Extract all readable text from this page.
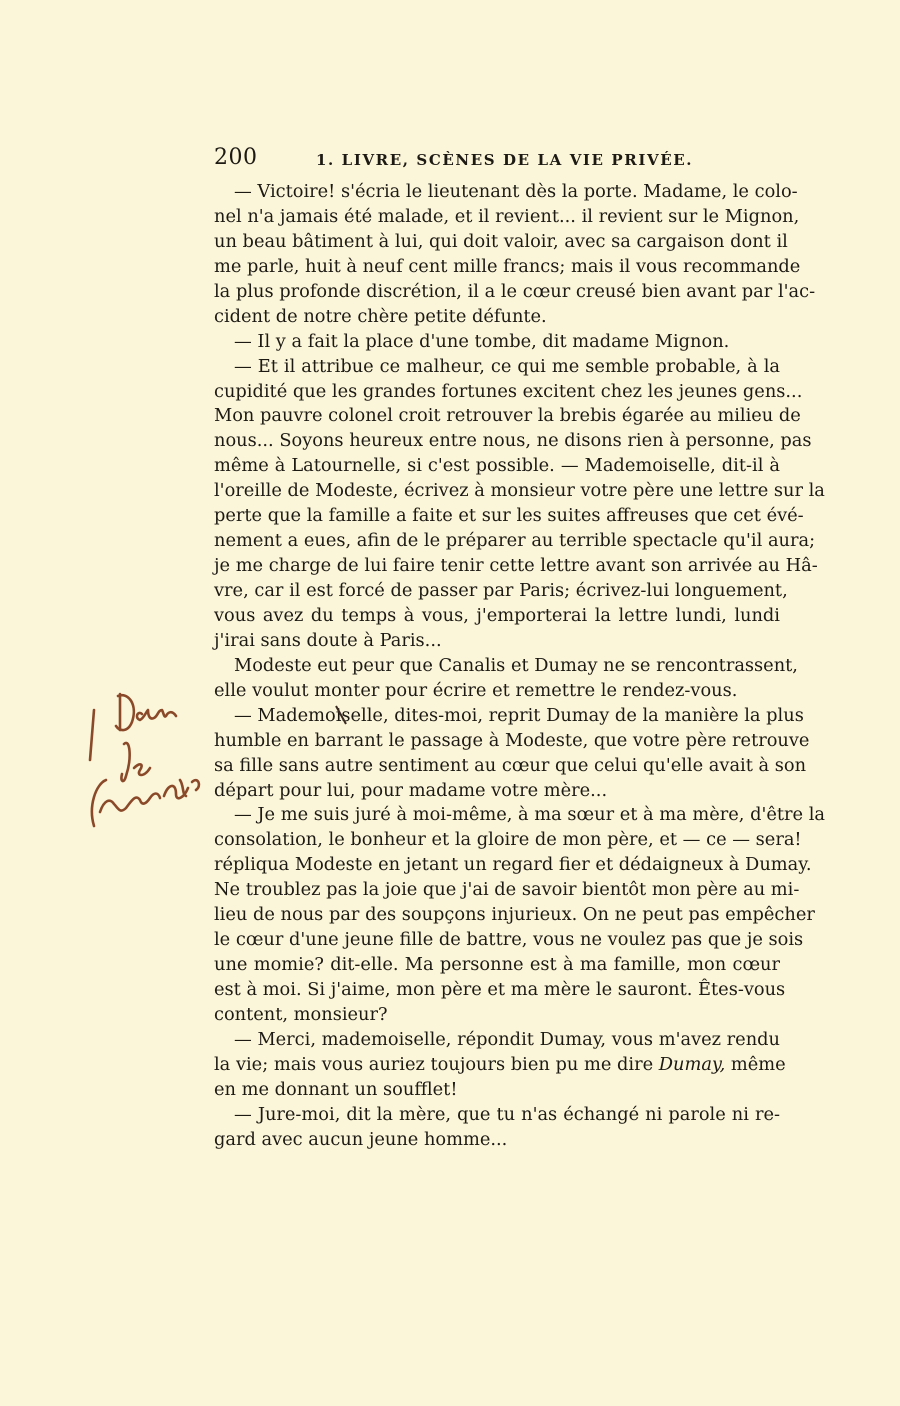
200	1. LIVRE, SCÈNES DE LA VIE PRIVÉE.
— Victoire! s'écria le lieutenant dès la porte. Madame, le colo-
nel n'a jamais été malade, et il revient... il revient sur le Mignon,
un beau bâtiment à lui, qui doit valoir, avec sa cargaison dont il
me parle, huit à neuf cent mille francs; mais il vous recommande
la plus profonde discrétion, il a le cœur creusé bien avant par l'ac-
cident de notre chère petite défunte.
— Il y a fait la place d'une tombe, dit madame Mignon.
— Et il attribue ce malheur, ce qui me semble probable, à la
cupidité que les grandes fortunes excitent chez les jeunes gens...
Mon pauvre colonel croit retrouver la brebis égarée au milieu de
nous... Soyons heureux entre nous, ne disons rien à personne, pas
même à Latournelle, si c'est possible. — Mademoiselle, dit-il à
l'oreille de Modeste, écrivez à monsieur votre père une lettre sur la
perte que la famille a faite et sur les suites affreuses que cet évé-
nement a eues, afin de le préparer au terrible spectacle qu'il aura;
je me charge de lui faire tenir cette lettre avant son arrivée au Hâ-
vre, car il est forcé de passer par Paris; écrivez-lui longuement,
vous avez du temps à vous, j'emporterai la lettre lundi, lundi
j'irai sans doute à Paris...
Modeste eut peur que Canalis et Dumay ne se rencontrassent,
elle voulut monter pour écrire et remettre le rendez-vous.
— Mademoiselle, dites-moi, reprit Dumay de la manière la plus
humble en barrant le passage à Modeste, que votre père retrouve
sa fille sans autre sentiment au cœur que celui qu'elle avait à son
départ pour lui, pour madame votre mère...
— Je me suis juré à moi-même, à ma sœur et à ma mère, d'être la
consolation, le bonheur et la gloire de mon père, et — ce — sera!
répliqua Modeste en jetant un regard fier et dédaigneux à Dumay.
Ne troublez pas la joie que j'ai de savoir bientôt mon père au mi-
lieu de nous par des soupçons injurieux. On ne peut pas empêcher
le cœur d'une jeune fille de battre, vous ne voulez pas que je sois
une momie? dit-elle. Ma personne est à ma famille, mon cœur
est à moi. Si j'aime, mon père et ma mère le sauront. Êtes-vous
content, monsieur?
— Merci, mademoiselle, répondit Dumay, vous m'avez rendu
la vie; mais vous auriez toujours bien pu me dire Dumay, même
en me donnant un soufflet!
— Jure-moi, dit la mère, que tu n'as échangé ni parole ni re-
gard avec aucun jeune homme...
